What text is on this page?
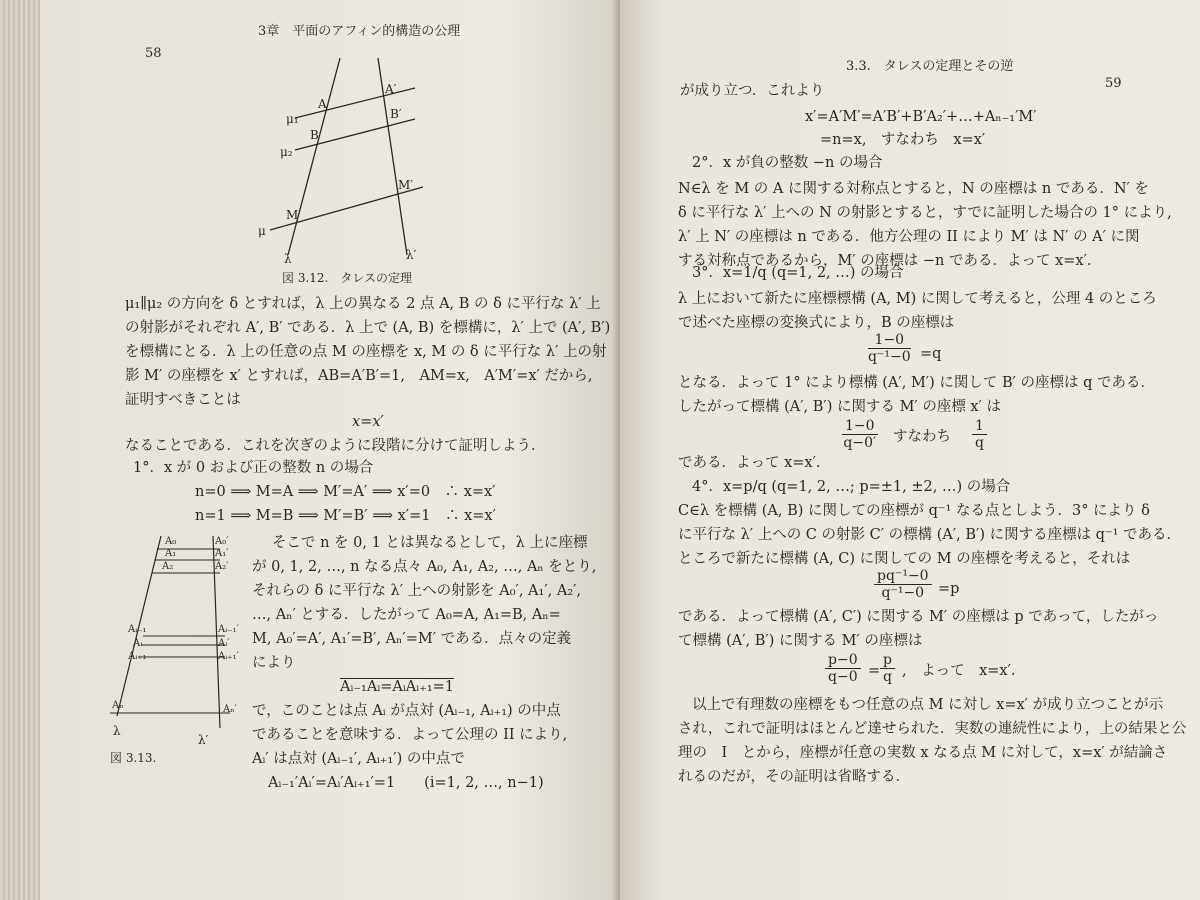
58
3章　平面のアフィン的構造の公理
A
A′
B
B′
M
M′
μ₁
μ₂
μ
λ	λ′
図 3.12.　タレスの定理
μ₁∥μ₂ の方向を δ とすれば，λ 上の異なる 2 点 A, B の δ に平行な λ′ 上
の射影がそれぞれ A′, B′ である．λ 上で (A, B) を標構に，λ′ 上で (A′, B′)
を標構にとる．λ 上の任意の点 M の座標を x, M の δ に平行な λ′ 上の射
影 M′ の座標を x′ とすれば，AB=A′B′=1,　AM=x,　A′M′=x′ だから,
証明すべきことは
x=x′
なることである．これを次ぎのように段階に分けて証明しよう．
1°．x が 0 および正の整数 n の場合
n=0 ⟹ M=A ⟹ M′=A′ ⟹ x′=0　∴ x=x′
n=1 ⟹ M=B ⟹ M′=B′ ⟹ x′=1　∴ x=x′
A₀
A₁
A₂
Aᵢ₋₁
Aᵢ
Aᵢ₊₁
Aₙ
A₀′
A₁′
A₂′
Aᵢ₋₁′
Aᵢ′
Aᵢ₊₁′
Aₙ′
λ
λ′
図 3.13.
そこで n を 0, 1 とは異なるとして，λ 上に座標
が 0, 1, 2, …, n なる点々 A₀, A₁, A₂, …, Aₙ をとり,
それらの δ に平行な λ′ 上への射影を A₀′, A₁′, A₂′,
…, Aₙ′ とする．したがって A₀=A, A₁=B, Aₙ=
M, A₀′=A′, A₁′=B′, Aₙ′=M′ である．点々の定義
により
Aᵢ₋₁Aᵢ=AᵢAᵢ₊₁=1
で，このことは点 Aᵢ が点対 (Aᵢ₋₁, Aᵢ₊₁) の中点
であることを意味する．よって公理の II により,
Aᵢ′ は点対 (Aᵢ₋₁′, Aᵢ₊₁′) の中点で
Aᵢ₋₁′Aᵢ′=Aᵢ′Aᵢ₊₁′=1　　(i=1, 2, …, n−1)
3.3.　タレスの定理とその逆
59
が成り立つ．これより
x′=A′M′=A′B′+B′A₂′+…+Aₙ₋₁′M′
=n=x,　すなわち　x=x′
2°．x が負の整数 −n の場合
N∈λ を M の A に関する対称点とすると，N の座標は n である．N′ を
δ に平行な λ′ 上への N の射影とすると，すでに証明した場合の 1° により,
λ′ 上 N′ の座標は n である．他方公理の II により M′ は N′ の A′ に関
する対称点であるから，M′ の座標は −n である．よって x=x′.
3°．x=1/q (q=1, 2, …) の場合
λ 上において新たに座標標構 (A, M) に関して考えると，公理 4 のところ
で述べた座標の変換式により，B の座標は
$\frac{1-0}{\text{q⁻¹−0}} =q$
となる．よって 1° により標構 (A′, M′) に関して B′ の座標は q である．
したがって標構 (A′, B′) に関する M′ の座標 x′ は
$\frac{1-0}{q-0'}$ すなわち $\frac{1}{q}$
である．よって x=x′.
4°．x=p/q (q=1, 2, …; p=±1, ±2, …) の場合
C∈λ を標構 (A, B) に関しての座標が q⁻¹ なる点としよう．3° により δ
に平行な λ′ 上への C の射影 C′ の標構 (A′, B′) に関する座標は q⁻¹ である．
ところで新たに標構 (A, C) に関しての M の座標を考えると，それは
$\frac{\text{pq⁻¹−0}}{\text{q⁻¹−0}} =p$
である．よって標構 (A′, C′) に関する M′ の座標は p であって，したがっ
て標構 (A′, B′) に関する M′ の座標は
$\frac{p-0}{q-0} = \frac{p}{q}$ ,　よって　x=x′.
以上で有理数の座標をもつ任意の点 M に対し x=x′ が成り立つことが示
され，これで証明はほとんど達せられた．実数の連続性により，上の結果と公
理の　I　とから，座標が任意の実数 x なる点 M に対して，x=x′ が結論さ
れるのだが，その証明は省略する．
